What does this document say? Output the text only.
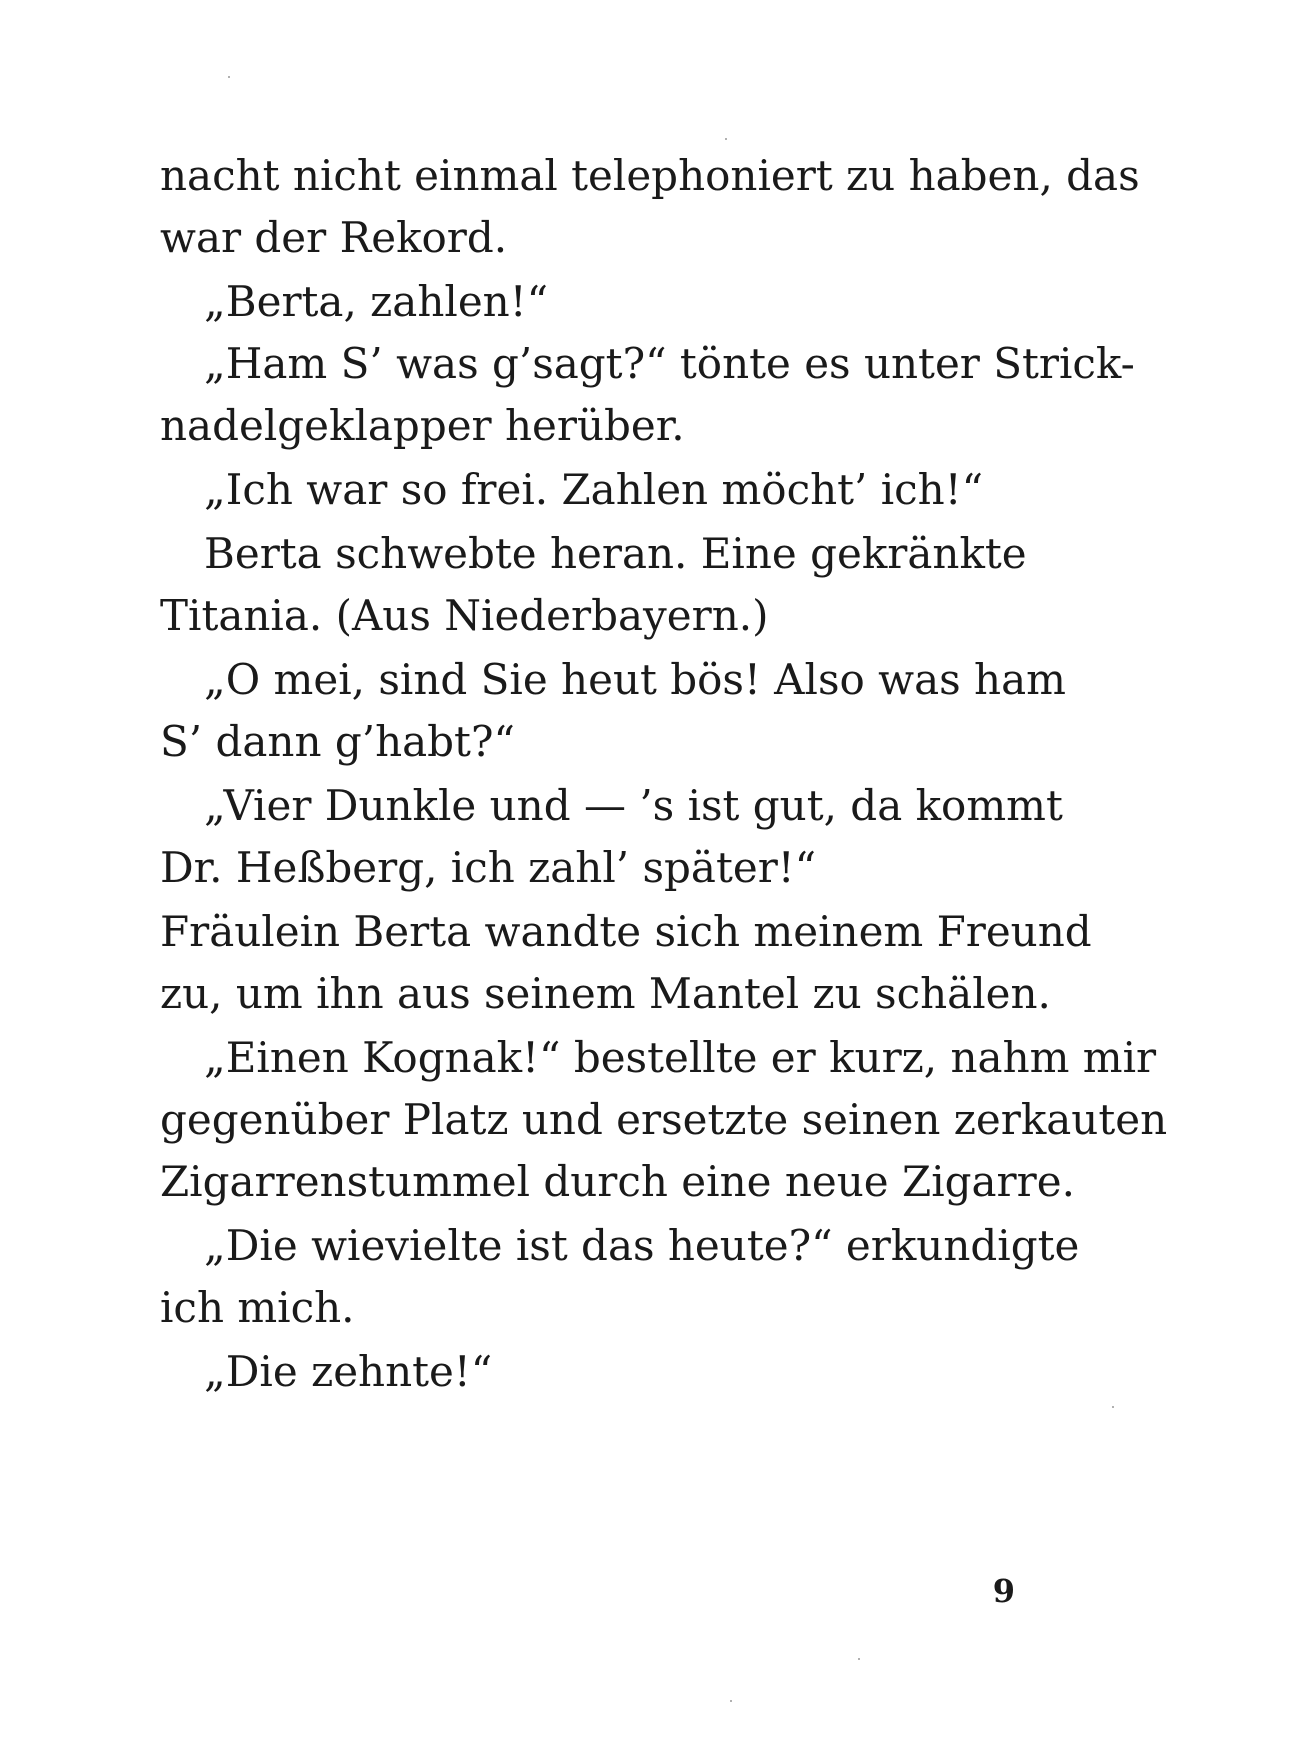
nacht nicht einmal telephoniert zu haben, das
war der Rekord.
„Berta, zahlen!“
„Ham S’ was g’sagt?“ tönte es unter Strick-
nadelgeklapper herüber.
„Ich war so frei. Zahlen möcht’ ich!“
Berta schwebte heran. Eine gekränkte
Titania. (Aus Niederbayern.)
„O mei, sind Sie heut bös! Also was ham
S’ dann g’habt?“
„Vier Dunkle und — ’s ist gut, da kommt
Dr. Heßberg, ich zahl’ später!“
Fräulein Berta wandte sich meinem Freund
zu, um ihn aus seinem Mantel zu schälen.
„Einen Kognak!“ bestellte er kurz, nahm mir
gegenüber Platz und ersetzte seinen zerkauten
Zigarrenstummel durch eine neue Zigarre.
„Die wievielte ist das heute?“ erkundigte
ich mich.
„Die zehnte!“
9
